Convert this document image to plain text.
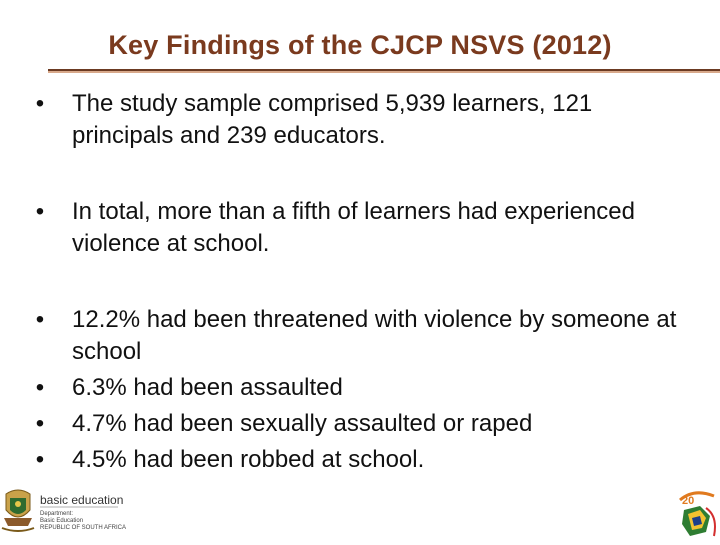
Key Findings of the CJCP NSVS (2012)
• The study sample comprised 5,939 learners, 121 principals and 239 educators.
• In total, more than a fifth of learners had experienced violence at school.
• 12.2% had been threatened with violence by someone at school
• 6.3% had been assaulted
• 4.7% had been sexually assaulted or raped
• 4.5% had been robbed at school.
basic education
Department:
Basic Education
REPUBLIC OF SOUTH AFRICA
20
